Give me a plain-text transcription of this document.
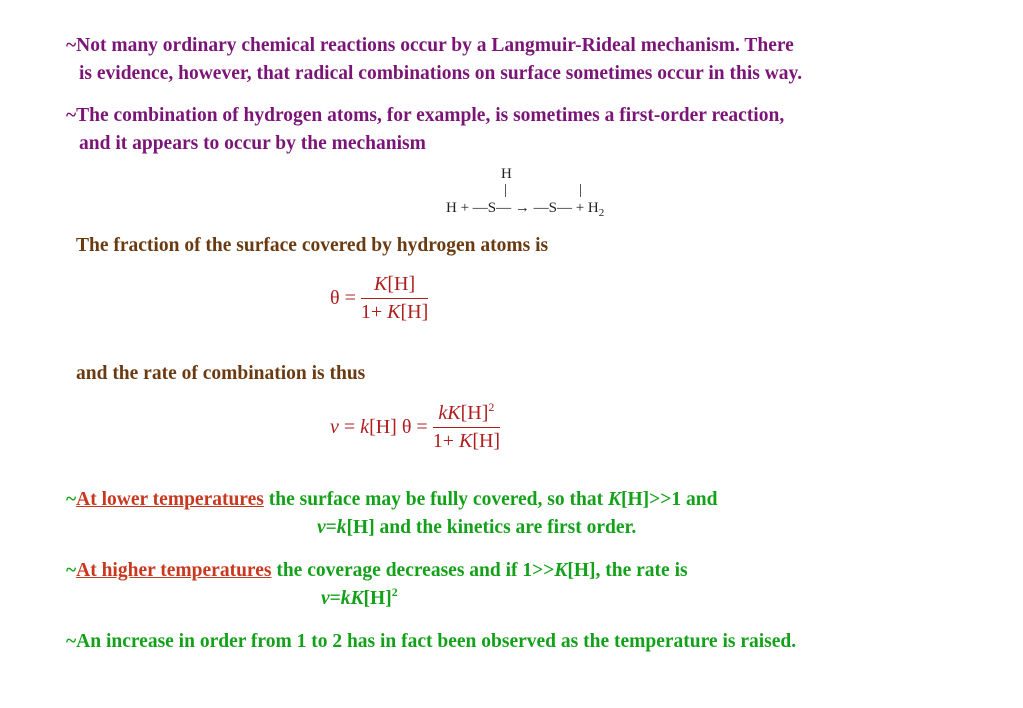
~Not many ordinary chemical reactions occur by a Langmuir-Rideal mechanism. There
is evidence, however, that radical combinations on surface sometimes occur in this way.
~The combination of hydrogen atoms, for example, is sometimes a first-order reaction,
and it appears to occur by the mechanism
H
|	|
H + —S— → —S— + $H_2$
The fraction of the surface covered by hydrogen atoms is
$\theta = \frac{K[H]}{1+ K[H]}$
and the rate of combination is thus
v = k[H] $\theta = \frac{kK[H]^2}{1+ K[H]}$
~At lower temperatures the surface may be fully covered, so that K[H]>>1 and
v=k[H] and the kinetics are first order.
~At higher temperatures the coverage decreases and if 1>>K[H], the rate is
$v=kK[H]^2$
~An increase in order from 1 to 2 has in fact been observed as the temperature is raised.
